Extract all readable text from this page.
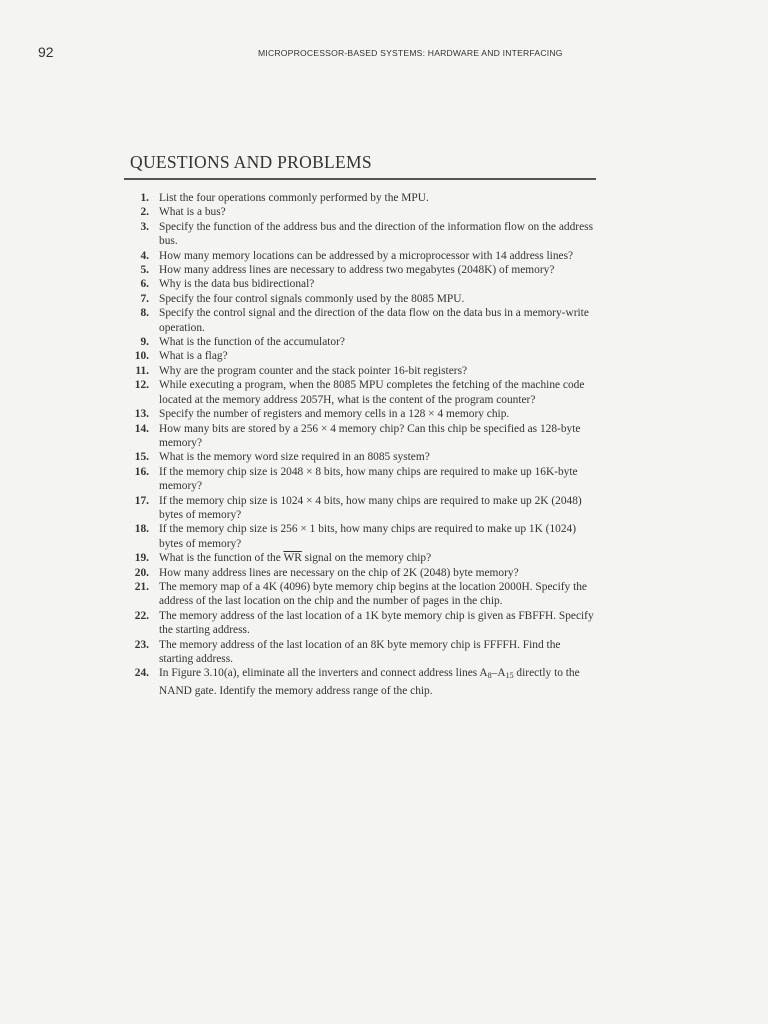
92	MICROPROCESSOR-BASED SYSTEMS: HARDWARE AND INTERFACING
QUESTIONS AND PROBLEMS
1. List the four operations commonly performed by the MPU.
2. What is a bus?
3. Specify the function of the address bus and the direction of the information flow on the address bus.
4. How many memory locations can be addressed by a microprocessor with 14 address lines?
5. How many address lines are necessary to address two megabytes (2048K) of memory?
6. Why is the data bus bidirectional?
7. Specify the four control signals commonly used by the 8085 MPU.
8. Specify the control signal and the direction of the data flow on the data bus in a memory-write operation.
9. What is the function of the accumulator?
10. What is a flag?
11. Why are the program counter and the stack pointer 16-bit registers?
12. While executing a program, when the 8085 MPU completes the fetching of the machine code located at the memory address 2057H, what is the content of the program counter?
13. Specify the number of registers and memory cells in a 128 × 4 memory chip.
14. How many bits are stored by a 256 × 4 memory chip? Can this chip be specified as 128-byte memory?
15. What is the memory word size required in an 8085 system?
16. If the memory chip size is 2048 × 8 bits, how many chips are required to make up 16K-byte memory?
17. If the memory chip size is 1024 × 4 bits, how many chips are required to make up 2K (2048) bytes of memory?
18. If the memory chip size is 256 × 1 bits, how many chips are required to make up 1K (1024) bytes of memory?
19. What is the function of the $\overline{WR}$ signal on the memory chip?
20. How many address lines are necessary on the chip of 2K (2048) byte memory?
21. The memory map of a 4K (4096) byte memory chip begins at the location 2000H. Specify the address of the last location on the chip and the number of pages in the chip.
22. The memory address of the last location of a 1K byte memory chip is given as FBFFH. Specify the starting address.
23. The memory address of the last location of an 8K byte memory chip is FFFFH. Find the starting address.
24. In Figure 3.10(a), eliminate all the inverters and connect address lines $A_8-A_{15}$ directly to the NAND gate. Identify the memory address range of the chip.
